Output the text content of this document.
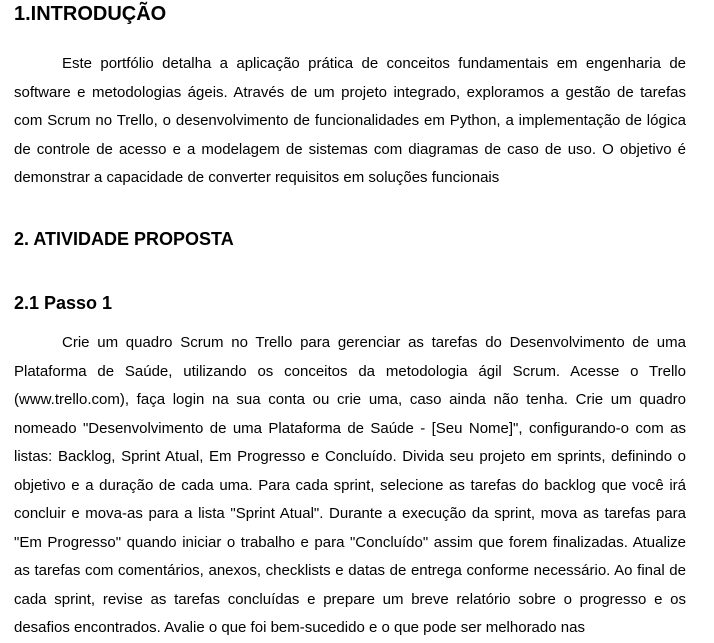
1.INTRODUÇÃO

Este portfólio detalha a aplicação prática de conceitos fundamentais em engenharia de software e metodologias ágeis. Através de um projeto integrado, exploramos a gestão de tarefas com Scrum no Trello, o desenvolvimento de funcionalidades em Python, a implementação de lógica de controle de acesso e a modelagem de sistemas com diagramas de caso de uso. O objetivo é demonstrar a capacidade de converter requisitos em soluções funcionais

2. ATIVIDADE PROPOSTA
2.1 Passo 1

Crie um quadro Scrum no Trello para gerenciar as tarefas do Desenvolvimento de uma Plataforma de Saúde, utilizando os conceitos da metodologia ágil Scrum. Acesse o Trello (www.trello.com), faça login na sua conta ou crie uma, caso ainda não tenha. Crie um quadro nomeado "Desenvolvimento de uma Plataforma de Saúde - [Seu Nome]", configurando-o com as listas: Backlog, Sprint Atual, Em Progresso e Concluído. Divida seu projeto em sprints, definindo o objetivo e a duração de cada uma. Para cada sprint, selecione as tarefas do backlog que você irá concluir e mova-as para a lista "Sprint Atual". Durante a execução da sprint, mova as tarefas para "Em Progresso" quando iniciar o trabalho e para "Concluído" assim que forem finalizadas. Atualize as tarefas com comentários, anexos, checklists e datas de entrega conforme necessário. Ao final de cada sprint, revise as tarefas concluídas e prepare um breve relatório sobre o progresso e os desafios encontrados. Avalie o que foi bem-sucedido e o que pode ser melhorado nas
